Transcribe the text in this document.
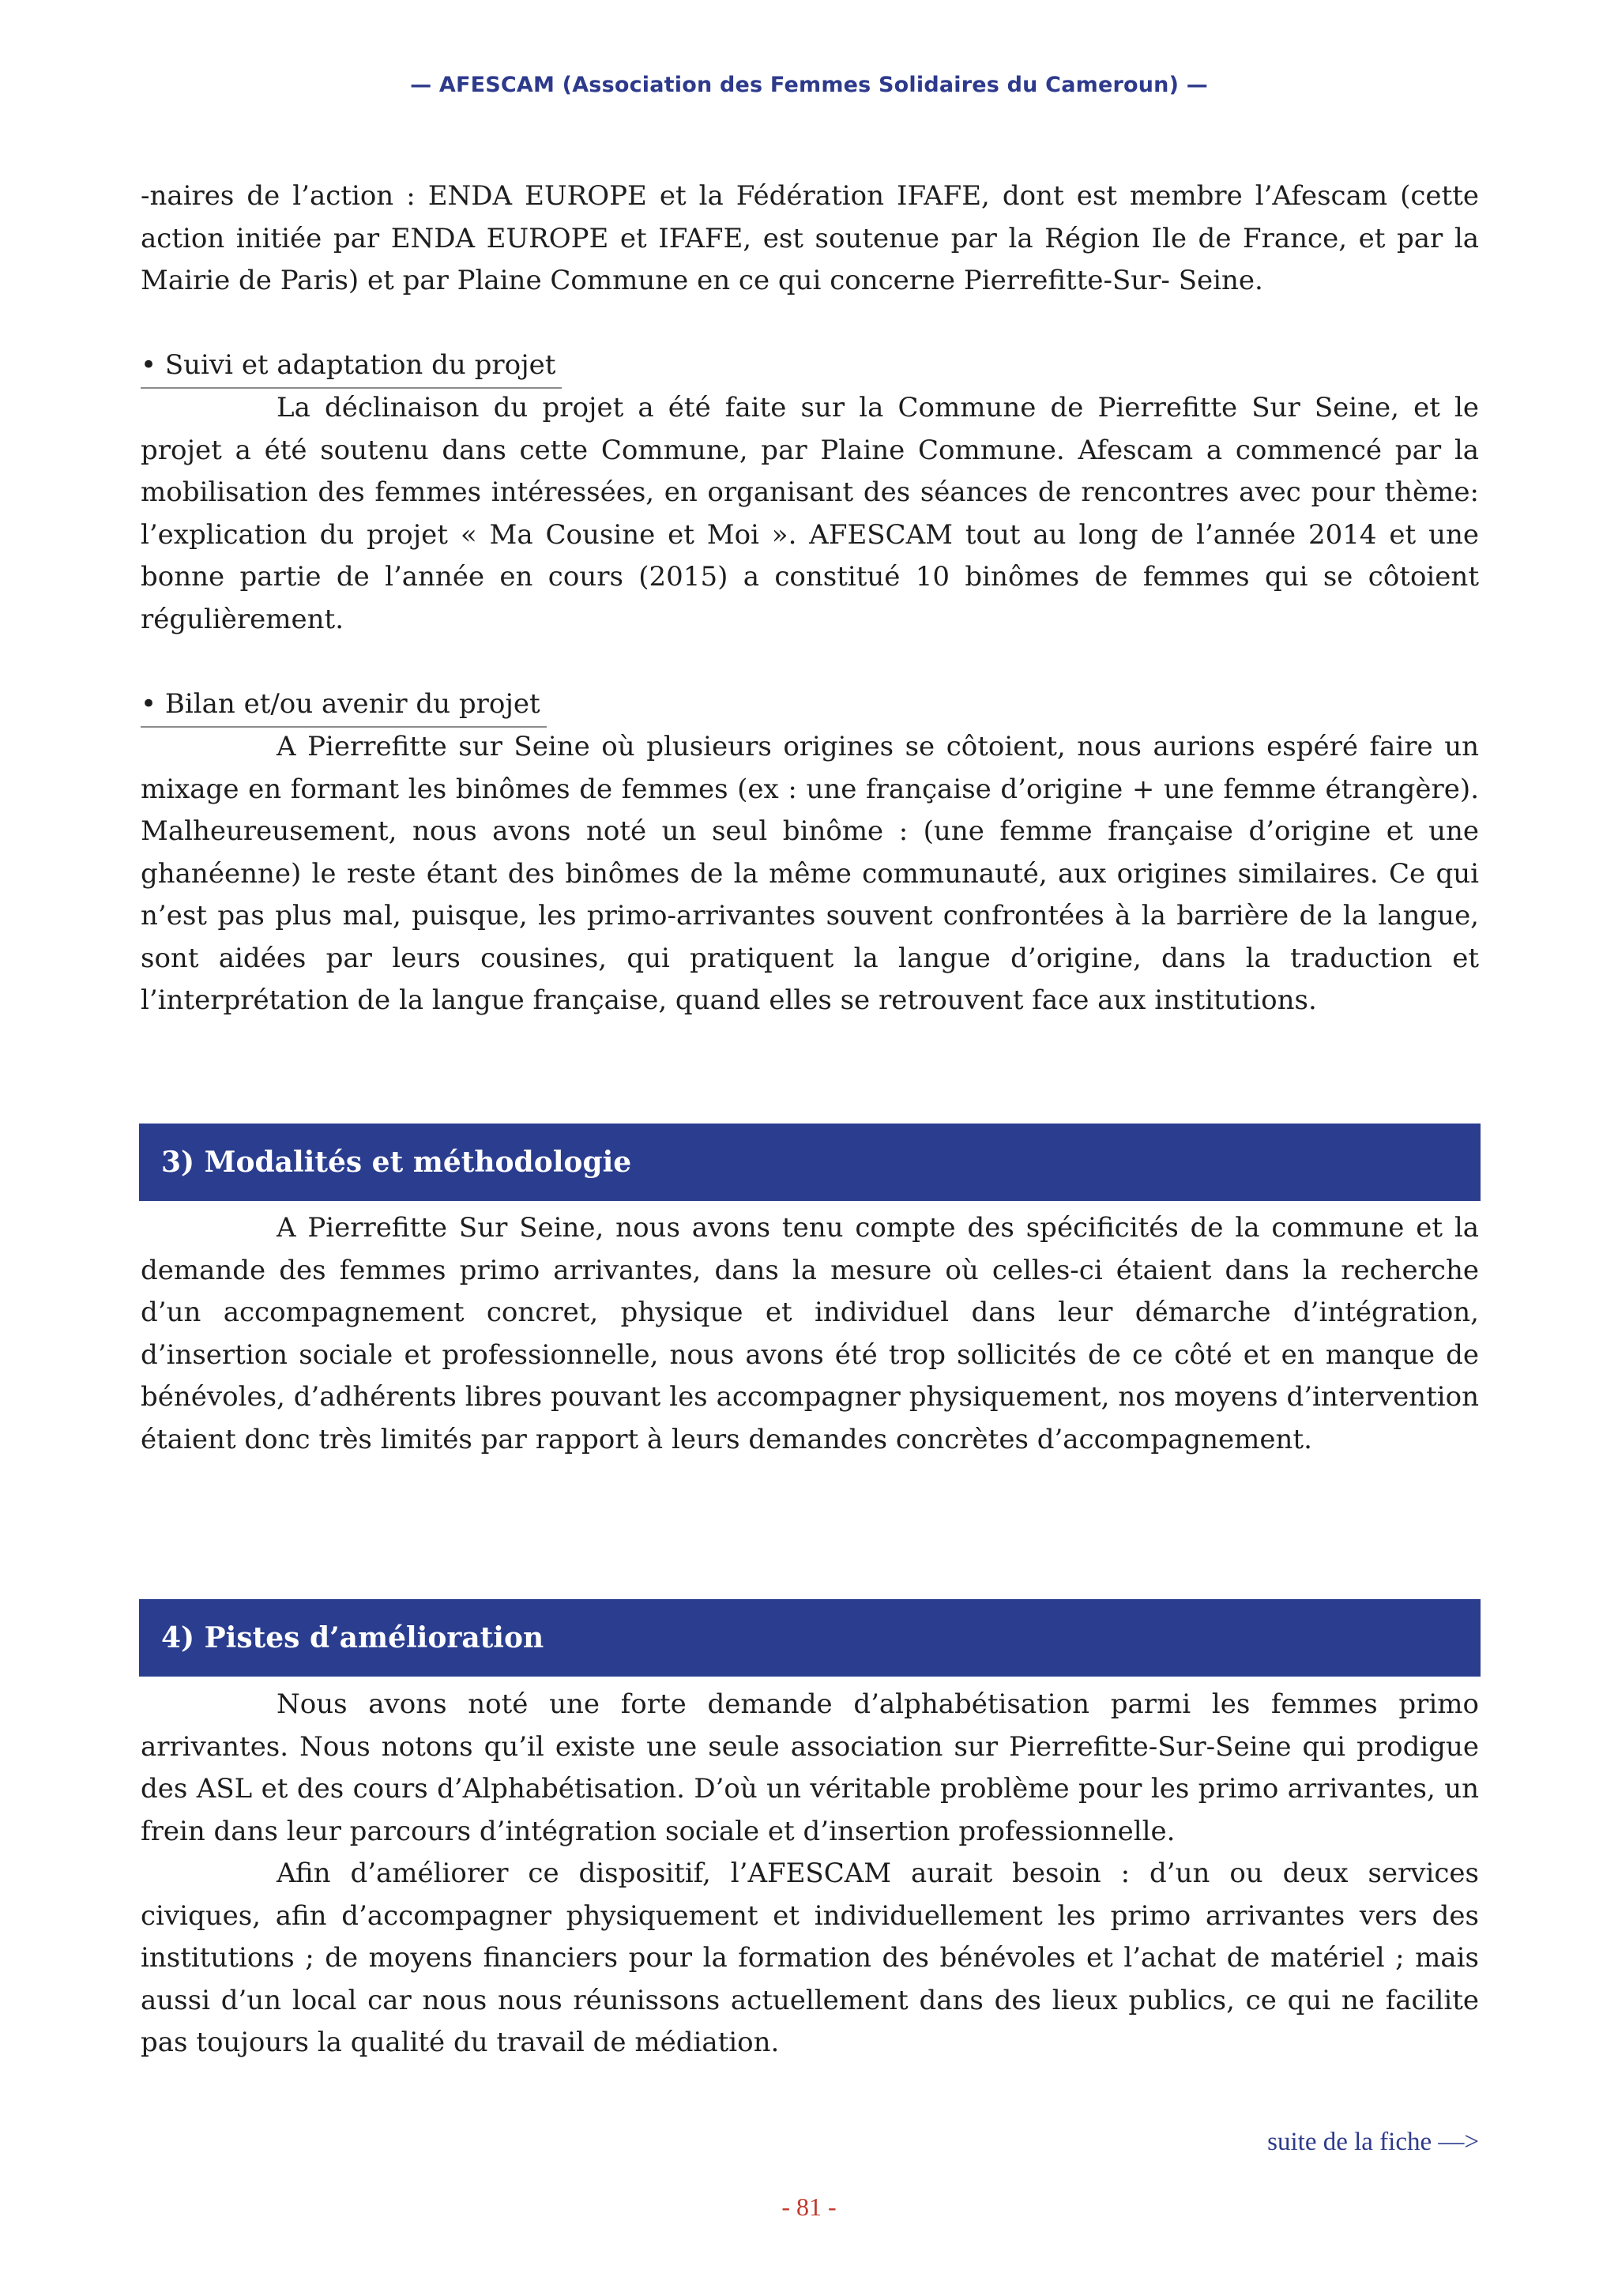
— AFESCAM (Association des Femmes Solidaires du Cameroun) —

-naires de l’action : ENDA EUROPE et la Fédération IFAFE, dont est membre l’Afescam (cette action initiée par ENDA EUROPE et IFAFE, est soutenue par la Région Ile de France, et par la Mairie de Paris) et par Plaine Commune en ce qui concerne Pierrefitte-Sur- Seine.

• Suivi et adaptation du projet

La déclinaison du projet a été faite sur la Commune de Pierrefitte Sur Seine, et le projet a été soutenu dans cette Commune, par Plaine Commune. Afescam a commencé par la mobilisation des femmes intéressées, en organisant des séances de rencontres avec pour thème: l’explication du projet « Ma Cousine et Moi ». AFESCAM tout au long de l’année 2014 et une bonne partie de l’année en cours (2015) a constitué 10 binômes de femmes qui se côtoient régulièrement.

• Bilan et/ou avenir du projet

A Pierrefitte sur Seine où plusieurs origines se côtoient, nous aurions espéré faire un mixage en formant les binômes de femmes (ex : une française d’origine + une femme étrangère). Malheureusement, nous avons noté un seul binôme : (une femme française d’origine et une ghanéenne) le reste étant des binômes de la même communauté, aux origines similaires. Ce qui n’est pas plus mal, puisque, les primo-arrivantes souvent confrontées à la barrière de la langue, sont aidées par leurs cousines, qui pratiquent la langue d’origine, dans la traduction et l’interprétation de la langue française, quand elles se retrouvent face aux institutions.

3) Modalités et méthodologie

A Pierrefitte Sur Seine, nous avons tenu compte des spécificités de la commune et la demande des femmes primo arrivantes, dans la mesure où celles-ci étaient dans la recherche d’un accompagnement concret, physique et individuel dans leur démarche d’intégration, d’insertion sociale et professionnelle, nous avons été trop sollicités de ce côté et en manque de bénévoles, d’adhérents libres pouvant les accompagner physiquement, nos moyens d’intervention étaient donc très limités par rapport à leurs demandes concrètes d’accompagnement.

4) Pistes d’amélioration

Nous avons noté une forte demande d’alphabétisation parmi les femmes primo arrivantes. Nous notons qu’il existe une seule association sur Pierrefitte-Sur-Seine qui prodigue des ASL et des cours d’Alphabétisation. D’où un véritable problème pour les primo arrivantes, un frein dans leur parcours d’intégration sociale et d’insertion professionnelle.

Afin d’améliorer ce dispositif, l’AFESCAM aurait besoin : d’un ou deux services civiques, afin d’accompagner physiquement et individuellement les primo arrivantes vers des institutions ; de moyens financiers pour la formation des bénévoles et l’achat de matériel ; mais aussi d’un local car nous nous réunissons actuellement dans des lieux publics, ce qui ne facilite pas toujours la qualité du travail de médiation.

suite de la fiche —>
- 81 -
